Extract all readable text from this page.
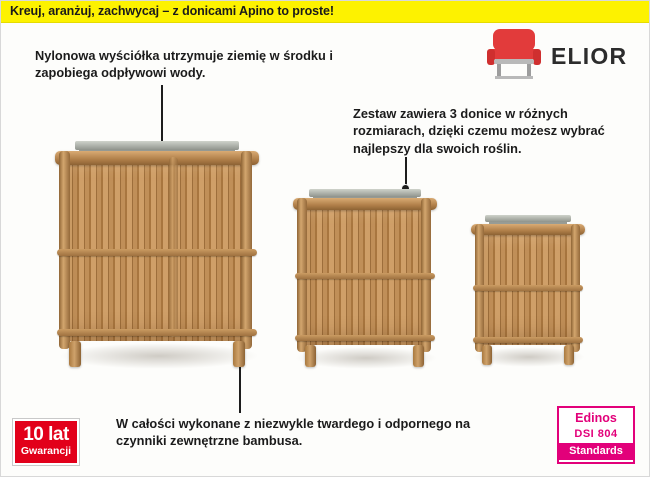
Kreuj, aranżuj, zachwycaj – z donicami Apino to proste!
ELIOR
Nylonowa wyściółka utrzymuje ziemię w środku i zapobiega odpływowi wody.
Zestaw zawiera 3 donice w różnych rozmiarach, dzięki czemu możesz wybrać najlepszy dla swoich roślin.
W całości wykonane z niezwykle twardego i odpornego na czynniki zewnętrzne bambusa.
10 lat
Gwarancji
Edinos
DSI 804
Standards
